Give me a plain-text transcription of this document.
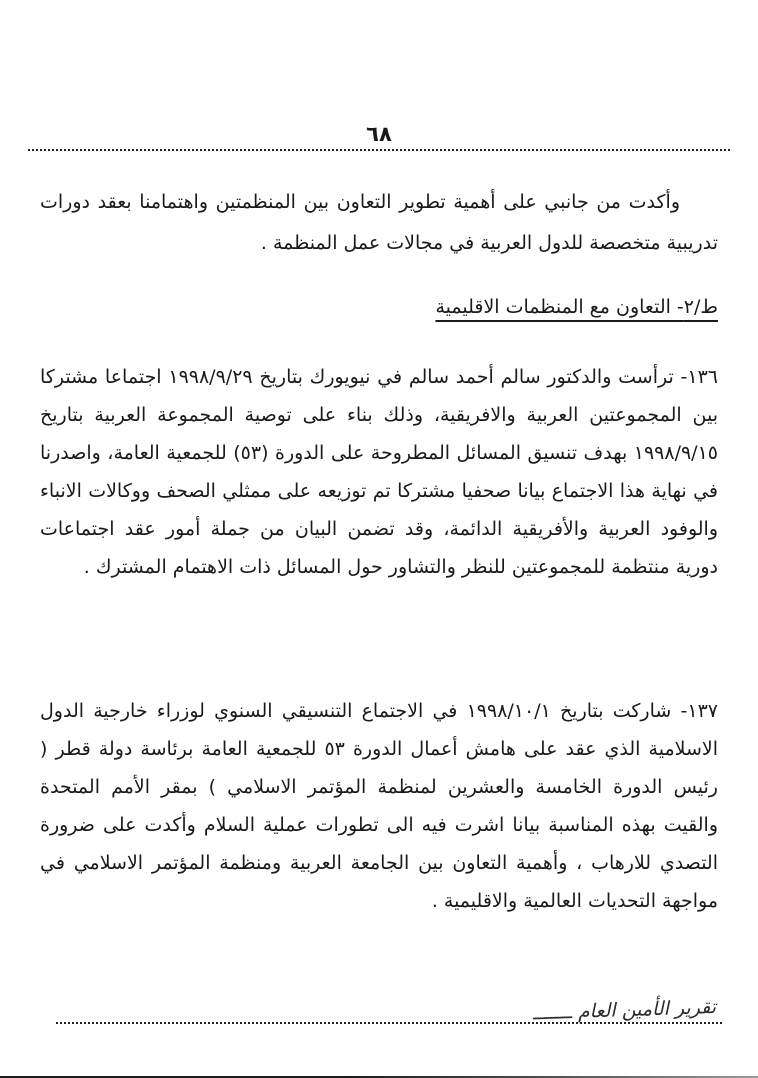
٦٨

وأكدت من جانبي على أهمية تطوير التعاون بين المنظمتين واهتمامنا بعقد دورات تدريبية متخصصة للدول العربية في مجالات عمل المنظمة .

ط/٢- التعاون مع المنظمات الاقليمية

١٣٦- ترأست والدكتور سالم أحمد سالم في نيويورك بتاريخ ١٩٩٨/٩/٢٩ اجتماعا مشتركا بين المجموعتين العربية والافريقية، وذلك بناء على توصية المجموعة العربية بتاريخ ١٩٩٨/٩/١٥ بهدف تنسيق المسائل المطروحة على الدورة (٥٣) للجمعية العامة، واصدرنا في نهاية هذا الاجتماع بيانا صحفيا مشتركا تم توزيعه على ممثلي الصحف ووكالات الانباء والوفود العربية والأفريقية الدائمة، وقد تضمن البيان من جملة أمور عقد اجتماعات دورية منتظمة للمجموعتين للنظر والتشاور حول المسائل ذات الاهتمام المشترك .

١٣٧- شاركت بتاريخ ١٩٩٨/١٠/١ في الاجتماع التنسيقي السنوي لوزراء خارجية الدول الاسلامية الذي عقد على هامش أعمال الدورة ٥٣ للجمعية العامة برئاسة دولة قطر ( رئيس الدورة الخامسة والعشرين لمنظمة المؤتمر الاسلامي ) بمقر الأمم المتحدة والقيت بهذه المناسبة بيانا اشرت فيه الى تطورات عملية السلام وأكدت على ضرورة التصدي للارهاب ، وأهمية التعاون بين الجامعة العربية ومنظمة المؤتمر الاسلامي في مواجهة التحديات العالمية والاقليمية .

تقرير الأمين العام ـــــــ
